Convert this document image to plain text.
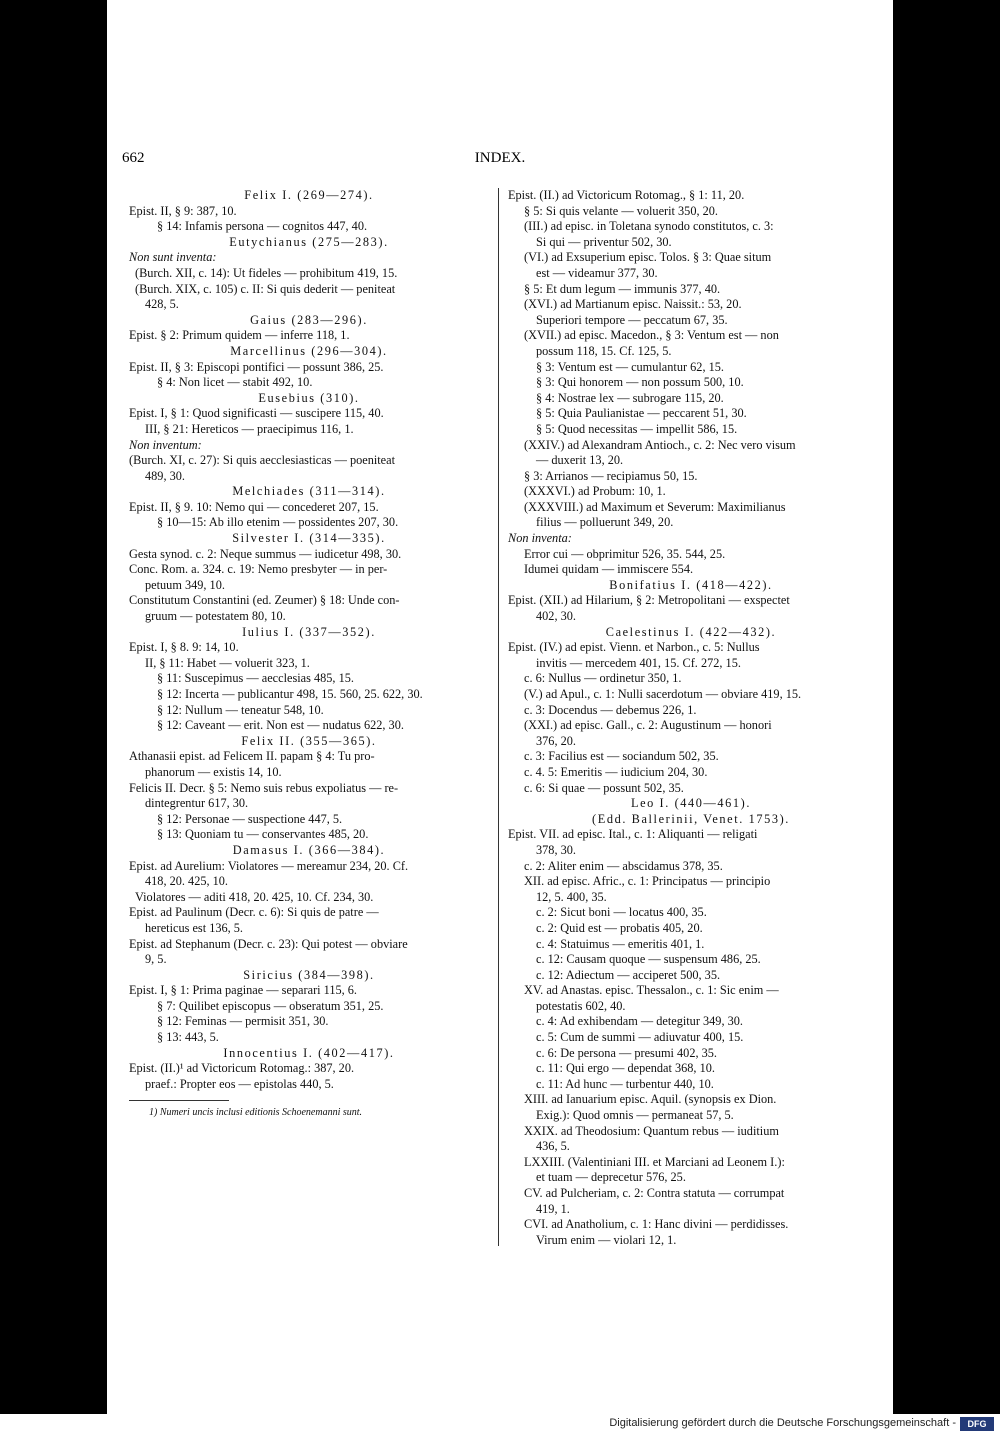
662	INDEX.
Felix I. (269—274).
Epist. II, § 9: 387, 10.
§ 14: Infamis persona — cognitos 447, 40.
Eutychianus (275—283).
Non sunt inventa:
(Burch. XII, c. 14): Ut fideles — prohibitum 419, 15.
(Burch. XIX, c. 105) c. II: Si quis dederit — peniteat
428, 5.
Gaius (283—296).
Epist. § 2: Primum quidem — inferre 118, 1.
Marcellinus (296—304).
Epist. II, § 3: Episcopi pontifici — possunt 386, 25.
§ 4: Non licet — stabit 492, 10.
Eusebius (310).
Epist. I, § 1: Quod significasti — suscipere 115, 40.
III, § 21: Hereticos — praecipimus 116, 1.
Non inventum:
(Burch. XI, c. 27): Si quis aecclesiasticas — poeniteat
489, 30.
Melchiades (311—314).
Epist. II, § 9. 10: Nemo qui — concederet 207, 15.
§ 10—15: Ab illo etenim — possidentes 207, 30.
Silvester I. (314—335).
Gesta synod. c. 2: Neque summus — iudicetur 498, 30.
Conc. Rom. a. 324. c. 19: Nemo presbyter — in per-
petuum 349, 10.
Constitutum Constantini (ed. Zeumer) § 18: Unde con-
gruum — potestatem 80, 10.
Iulius I. (337—352).
Epist. I, § 8. 9: 14, 10.
II, § 11: Habet — voluerit 323, 1.
§ 11: Suscepimus — aecclesias 485, 15.
§ 12: Incerta — publicantur 498, 15. 560, 25. 622, 30.
§ 12: Nullum — teneatur 548, 10.
§ 12: Caveant — erit. Non est — nudatus 622, 30.
Felix II. (355—365).
Athanasii epist. ad Felicem II. papam § 4: Tu pro-
phanorum — existis 14, 10.
Felicis II. Decr. § 5: Nemo suis rebus expoliatus — re-
dintegrentur 617, 30.
§ 12: Personae — suspectione 447, 5.
§ 13: Quoniam tu — conservantes 485, 20.
Damasus I. (366—384).
Epist. ad Aurelium: Violatores — mereamur 234, 20. Cf.
418, 20. 425, 10.
Violatores — aditi 418, 20. 425, 10. Cf. 234, 30.
Epist. ad Paulinum (Decr. c. 6): Si quis de patre —
hereticus est 136, 5.
Epist. ad Stephanum (Decr. c. 23): Qui potest — obviare
9, 5.
Siricius (384—398).
Epist. I, § 1: Prima paginae — separari 115, 6.
§ 7: Quilibet episcopus — obseratum 351, 25.
§ 12: Feminas — permisit 351, 30.
§ 13: 443, 5.
Innocentius I. (402—417).
Epist. (II.)¹ ad Victoricum Rotomag.: 387, 20.
praef.: Propter eos — epistolas 440, 5.
1) Numeri uncis inclusi editionis Schoenemanni sunt.
Epist. (II.) ad Victoricum Rotomag., § 1: 11, 20.
§ 5: Si quis velante — voluerit 350, 20.
(III.) ad episc. in Toletana synodo constitutos, c. 3:
Si qui — priventur 502, 30.
(VI.) ad Exsuperium episc. Tolos. § 3: Quae situm
est — videamur 377, 30.
§ 5: Et dum legum — immunis 377, 40.
(XVI.) ad Martianum episc. Naissit.: 53, 20.
Superiori tempore — peccatum 67, 35.
(XVII.) ad episc. Macedon., § 3: Ventum est — non
possum 118, 15. Cf. 125, 5.
§ 3: Ventum est — cumulantur 62, 15.
§ 3: Qui honorem — non possum 500, 10.
§ 4: Nostrae lex — subrogare 115, 20.
§ 5: Quia Paulianistae — peccarent 51, 30.
§ 5: Quod necessitas — impellit 586, 15.
(XXIV.) ad Alexandram Antioch., c. 2: Nec vero visum
— duxerit 13, 20.
§ 3: Arrianos — recipiamus 50, 15.
(XXXVI.) ad Probum: 10, 1.
(XXXVIII.) ad Maximum et Severum: Maximilianus
filius — polluerunt 349, 20.
Non inventa:
Error cui — obprimitur 526, 35. 544, 25.
Idumei quidam — immiscere 554.
Bonifatius I. (418—422).
Epist. (XII.) ad Hilarium, § 2: Metropolitani — exspectet
402, 30.
Caelestinus I. (422—432).
Epist. (IV.) ad epist. Vienn. et Narbon., c. 5: Nullus
invitis — mercedem 401, 15. Cf. 272, 15.
c. 6: Nullus — ordinetur 350, 1.
(V.) ad Apul., c. 1: Nulli sacerdotum — obviare 419, 15.
c. 3: Docendus — debemus 226, 1.
(XXI.) ad episc. Gall., c. 2: Augustinum — honori
376, 20.
c. 3: Facilius est — sociandum 502, 35.
c. 4. 5: Emeritis — iudicium 204, 30.
c. 6: Si quae — possunt 502, 35.
Leo I. (440—461).
(Edd. Ballerinii, Venet. 1753).
Epist. VII. ad episc. Ital., c. 1: Aliquanti — religati
378, 30.
c. 2: Aliter enim — abscidamus 378, 35.
XII. ad episc. Afric., c. 1: Principatus — principio
12, 5. 400, 35.
c. 2: Sicut boni — locatus 400, 35.
c. 2: Quid est — probatis 405, 20.
c. 4: Statuimus — emeritis 401, 1.
c. 12: Causam quoque — suspensum 486, 25.
c. 12: Adiectum — acciperet 500, 35.
XV. ad Anastas. episc. Thessalon., c. 1: Sic enim —
potestatis 602, 40.
c. 4: Ad exhibendam — detegitur 349, 30.
c. 5: Cum de summi — adiuvatur 400, 15.
c. 6: De persona — presumi 402, 35.
c. 11: Qui ergo — dependat 368, 10.
c. 11: Ad hunc — turbentur 440, 10.
XIII. ad Ianuarium episc. Aquil. (synopsis ex Dion.
Exig.): Quod omnis — permaneat 57, 5.
XXIX. ad Theodosium: Quantum rebus — iuditium
436, 5.
LXXIII. (Valentiniani III. et Marciani ad Leonem I.):
et tuam — deprecetur 576, 25.
CV. ad Pulcheriam, c. 2: Contra statuta — corrumpat
419, 1.
CVI. ad Anatholium, c. 1: Hanc divini — perdidisses.
Virum enim — violari 12, 1.
Digitalisierung gefördert durch die Deutsche Forschungsgemeinschaft -	DFG
